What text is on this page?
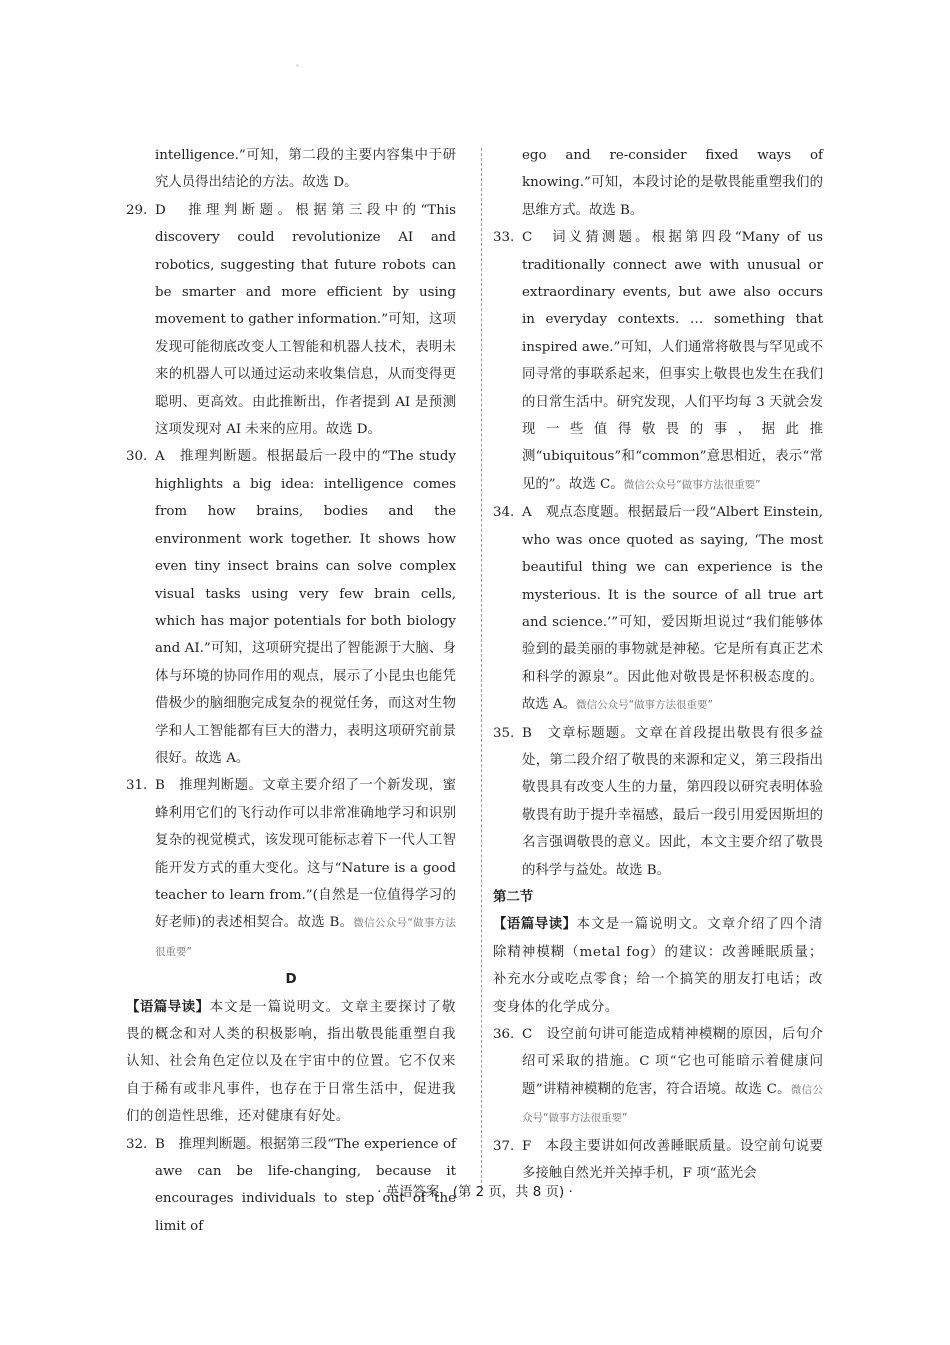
intelligence.”可知，第二段的主要内容集中于研究人员得出结论的方法。故选 D。

29. D　推理判断题。根据第三段中的“This discovery could revolutionize AI and robotics, suggesting that future robots can be smarter and more efficient by using movement to gather information.”可知，这项发现可能彻底改变人工智能和机器人技术，表明未来的机器人可以通过运动来收集信息，从而变得更聪明、更高效。由此推断出，作者提到 AI 是预测这项发现对 AI 未来的应用。故选 D。
30. A　推理判断题。根据最后一段中的“The study highlights a big idea: intelligence comes from how brains, bodies and the environment work together. It shows how even tiny insect brains can solve complex visual tasks using very few brain cells, which has major potentials for both biology and AI.”可知，这项研究提出了智能源于大脑、身体与环境的协同作用的观点，展示了小昆虫也能凭借极少的脑细胞完成复杂的视觉任务，而这对生物学和人工智能都有巨大的潜力，表明这项研究前景很好。故选 A。
31. B　推理判断题。文章主要介绍了一个新发现，蜜蜂利用它们的飞行动作可以非常准确地学习和识别复杂的视觉模式，该发现可能标志着下一代人工智能开发方式的重大变化。这与“Nature is a good teacher to learn from.”(自然是一位值得学习的好老师)的表述相契合。故选 B。微信公众号“做事方法很重要”

D

【语篇导读】本文是一篇说明文。文章主要探讨了敬畏的概念和对人类的积极影响，指出敬畏能重塑自我认知、社会角色定位以及在宇宙中的位置。它不仅来自于稀有或非凡事件，也存在于日常生活中，促进我们的创造性思维，还对健康有好处。

32. B　推理判断题。根据第三段“The experience of awe can be life-changing, because it encourages individuals to step out of the limit of

ego and re-consider fixed ways of knowing.”可知，本段讨论的是敬畏能重塑我们的思维方式。故选 B。

33. C　词义猜测题。根据第四段“Many of us traditionally connect awe with unusual or extraordinary events, but awe also occurs in everyday contexts. … something that inspired awe.”可知，人们通常将敬畏与罕见或不同寻常的事联系起来，但事实上敬畏也发生在我们的日常生活中。研究发现，人们平均每 3 天就会发现一些值得敬畏的事，据此推测“ubiquitous”和“common”意思相近，表示“常见的”。故选 C。微信公众号“做事方法很重要”
34. A　观点态度题。根据最后一段“Albert Einstein, who was once quoted as saying, ‘The most beautiful thing we can experience is the mysterious. It is the source of all true art and science.’”可知，爱因斯坦说过“我们能够体验到的最美丽的事物就是神秘。它是所有真正艺术和科学的源泉”。因此他对敬畏是怀积极态度的。故选 A。微信公众号“做事方法很重要”
35. B　文章标题题。文章在首段提出敬畏有很多益处，第二段介绍了敬畏的来源和定义，第三段指出敬畏具有改变人生的力量，第四段以研究表明体验敬畏有助于提升幸福感，最后一段引用爱因斯坦的名言强调敬畏的意义。因此，本文主要介绍了敬畏的科学与益处。故选 B。

第二节

【语篇导读】本文是一篇说明文。文章介绍了四个清除精神模糊（metal fog）的建议：改善睡眠质量；补充水分或吃点零食；给一个搞笑的朋友打电话；改变身体的化学成分。

36. C　设空前句讲可能造成精神模糊的原因，后句介绍可采取的措施。C 项“它也可能暗示着健康问题”讲精神模糊的危害，符合语境。故选 C。微信公众号“做事方法很重要”
37. F　本段主要讲如何改善睡眠质量。设空前句说要多接触自然光并关掉手机，F 项“蓝光会
· 英语答案　(第 2 页，共 8 页) ·
